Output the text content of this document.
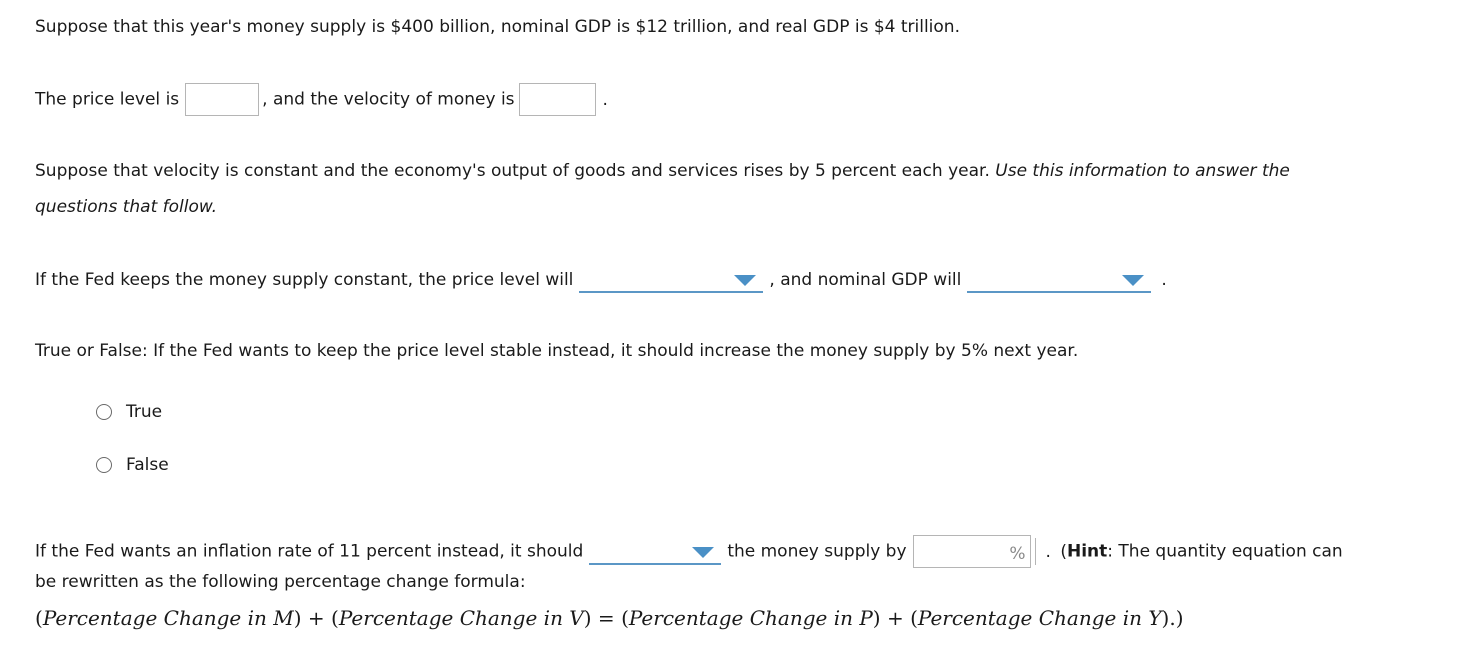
Suppose that this year's money supply is $400 billion, nominal GDP is $12 trillion, and real GDP is $4 trillion.
The price level is	, and the velocity of money is	.
Suppose that velocity is constant and the economy's output of goods and services rises by 5 percent each year. Use this information to answer the
questions that follow.
If the Fed keeps the money supply constant, the price level will	, and nominal GDP will	.
True or False: If the Fed wants to keep the price level stable instead, it should increase the money supply by 5% next year.
True
False
If the Fed wants an inflation rate of 11 percent instead, it should	the money supply by	% . (Hint: The quantity equation can
be rewritten as the following percentage change formula:
(Percentage Change in M) + (Percentage Change in V) = (Percentage Change in P) + (Percentage Change in Y).)
